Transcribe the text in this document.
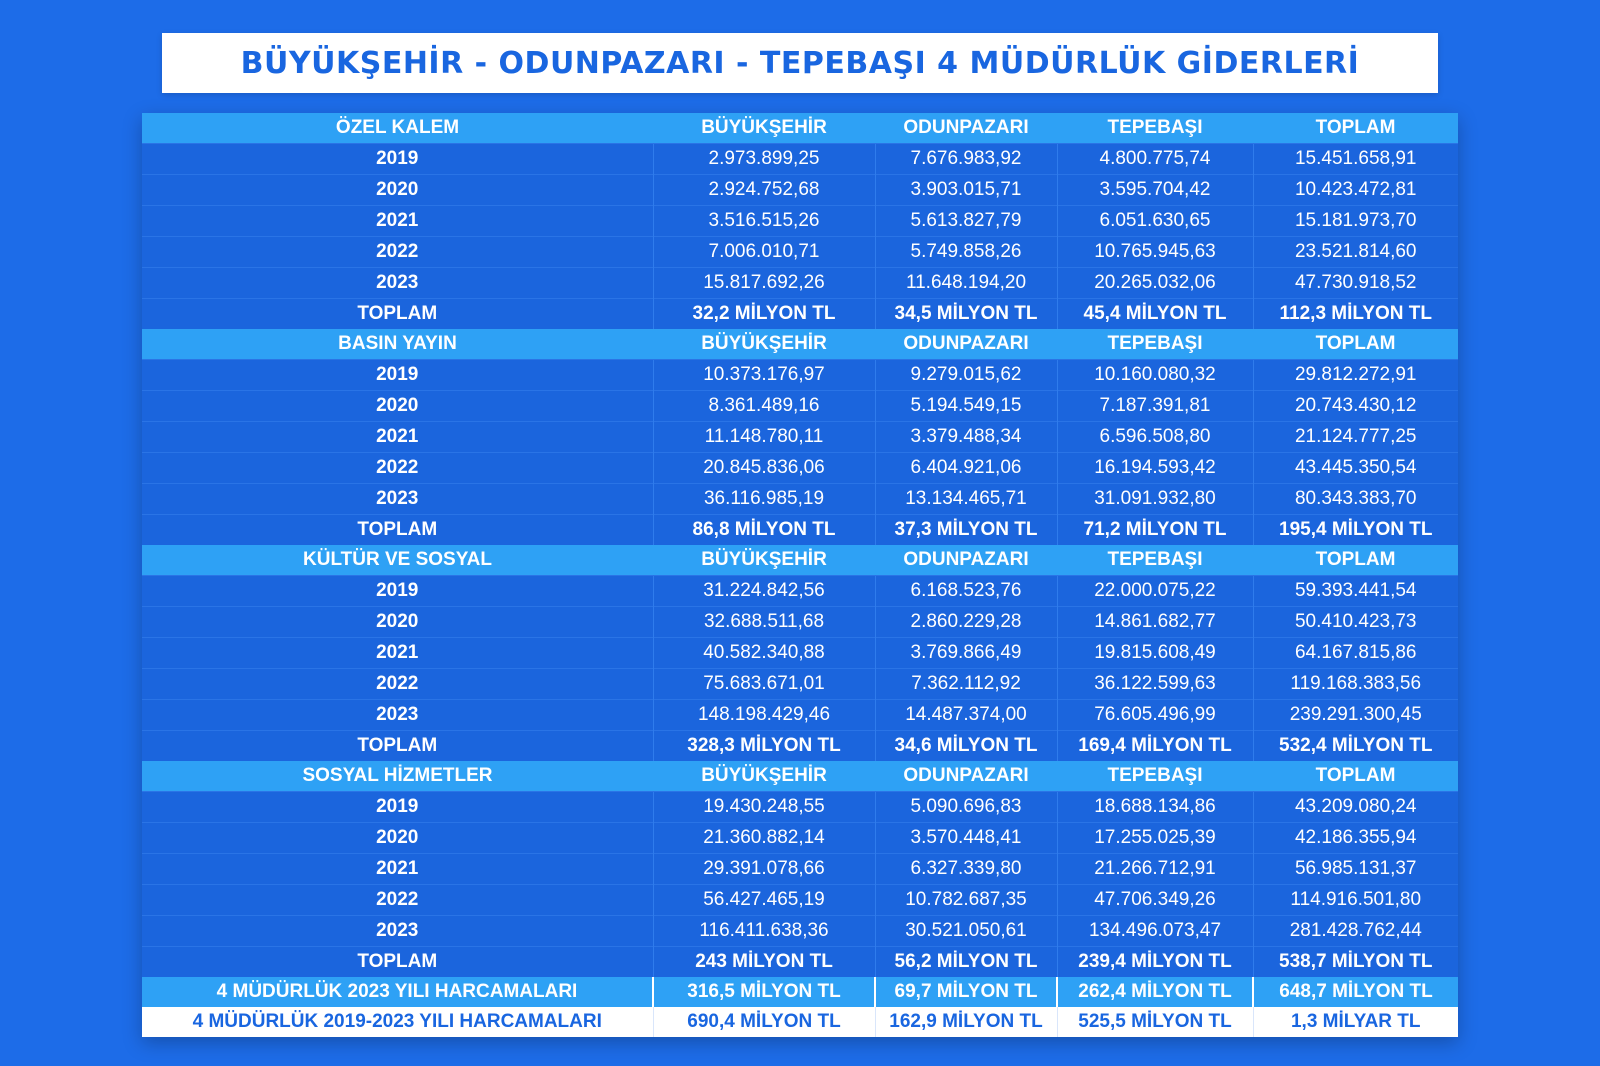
BÜYÜKŞEHİR - ODUNPAZARI - TEPEBAŞI 4 MÜDÜRLÜK GİDERLERİ
ÖZEL KALEM	BÜYÜKŞEHİR	ODUNPAZARI	TEPEBAŞI	TOPLAM
2019	2.973.899,25	7.676.983,92	4.800.775,74	15.451.658,91
2020	2.924.752,68	3.903.015,71	3.595.704,42	10.423.472,81
2021	3.516.515,26	5.613.827,79	6.051.630,65	15.181.973,70
2022	7.006.010,71	5.749.858,26	10.765.945,63	23.521.814,60
2023	15.817.692,26	11.648.194,20	20.265.032,06	47.730.918,52
TOPLAM	32,2 MİLYON TL	34,5 MİLYON TL	45,4 MİLYON TL	112,3 MİLYON TL
BASIN YAYIN	BÜYÜKŞEHİR	ODUNPAZARI	TEPEBAŞI	TOPLAM
2019	10.373.176,97	9.279.015,62	10.160.080,32	29.812.272,91
2020	8.361.489,16	5.194.549,15	7.187.391,81	20.743.430,12
2021	11.148.780,11	3.379.488,34	6.596.508,80	21.124.777,25
2022	20.845.836,06	6.404.921,06	16.194.593,42	43.445.350,54
2023	36.116.985,19	13.134.465,71	31.091.932,80	80.343.383,70
TOPLAM	86,8 MİLYON TL	37,3 MİLYON TL	71,2 MİLYON TL	195,4 MİLYON TL
KÜLTÜR VE SOSYAL	BÜYÜKŞEHİR	ODUNPAZARI	TEPEBAŞI	TOPLAM
2019	31.224.842,56	6.168.523,76	22.000.075,22	59.393.441,54
2020	32.688.511,68	2.860.229,28	14.861.682,77	50.410.423,73
2021	40.582.340,88	3.769.866,49	19.815.608,49	64.167.815,86
2022	75.683.671,01	7.362.112,92	36.122.599,63	119.168.383,56
2023	148.198.429,46	14.487.374,00	76.605.496,99	239.291.300,45
TOPLAM	328,3 MİLYON TL	34,6 MİLYON TL	169,4 MİLYON TL	532,4 MİLYON TL
SOSYAL HİZMETLER	BÜYÜKŞEHİR	ODUNPAZARI	TEPEBAŞI	TOPLAM
2019	19.430.248,55	5.090.696,83	18.688.134,86	43.209.080,24
2020	21.360.882,14	3.570.448,41	17.255.025,39	42.186.355,94
2021	29.391.078,66	6.327.339,80	21.266.712,91	56.985.131,37
2022	56.427.465,19	10.782.687,35	47.706.349,26	114.916.501,80
2023	116.411.638,36	30.521.050,61	134.496.073,47	281.428.762,44
TOPLAM	243 MİLYON TL	56,2 MİLYON TL	239,4 MİLYON TL	538,7 MİLYON TL
4 MÜDÜRLÜK 2023 YILI HARCAMALARI	316,5 MİLYON TL	69,7 MİLYON TL	262,4 MİLYON TL	648,7 MİLYON TL
4 MÜDÜRLÜK 2019-2023 YILI HARCAMALARI	690,4 MİLYON TL	162,9 MİLYON TL	525,5 MİLYON TL	1,3 MİLYAR TL
